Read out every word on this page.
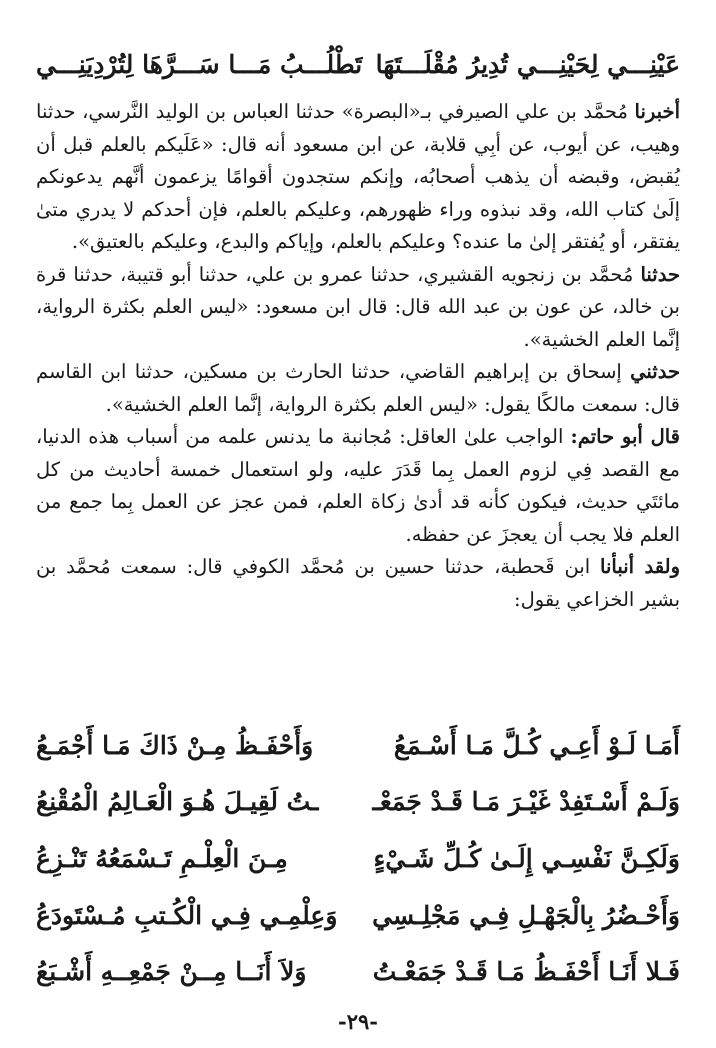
عَيْنِـــي لِحَيْنِـــي تُدِيرُ مُقْلَـــتَهَا
تَطْلُـــبُ مَـــا سَـــرَّهَا لِتُرْدِيَنِـــي

أخبرنا مُحمَّد بن علي الصيرفي بـ«البصرة» حدثنا العباس بن الوليد النَّرسي، حدثنا وهيب، عن أيوب، عن أبِي قلابة، عن ابن مسعود أنه قال: «عَلَيكم بالعلم قبل أن يُقبض، وقبضه أن يذهب أصحابُه، وإنكم ستجدون أقوامًا يزعمون أنَّهم يدعونكم إلَىٰ كتاب الله، وقد نبذوه وراء ظهورهم، وعليكم بالعلم، فإن أحدكم لا يدري متىٰ يفتقر، أو يُفتقر إلىٰ ما عنده؟ وعليكم بالعلم، وإياكم والبدع، وعليكم بالعتيق».

حدثنا مُحمَّد بن زنجويه القشيري، حدثنا عمرو بن علي، حدثنا أبو قتيبة، حدثنا قرة بن خالد، عن عون بن عبد الله قال: قال ابن مسعود: «ليس العلم بكثرة الرواية، إنَّما العلم الخشية».

حدثني إسحاق بن إبراهيم القاضي، حدثنا الحارث بن مسكين، حدثنا ابن القاسم قال: سمعت مالكًا يقول: «ليس العلم بكثرة الرواية، إنَّما العلم الخشية».

قال أبو حاتم: الواجب علىٰ العاقل: مُجانبة ما يدنس علمه من أسباب هذه الدنيا، مع القصد فِي لزوم العمل بِما قَدَرَ عليه، ولو استعمال خمسة أحاديث من كل مائتَي حديث، فيكون كأنه قد أدىٰ زكاة العلم، فمن عجز عن العمل بِما جمع من العلم فلا يجب أن يعجزَ عن حفظه.

ولقد أنبأنا ابن قَحطبة، حدثنا حسين بن مُحمَّد الكوفي قال: سمعت مُحمَّد بن بشير الخزاعي يقول:

أَمَـا لَـوْ أَعِـي كُـلَّ مَـا أَسْـمَعُ
وَأَحْفَـظُ مِـنْ ذَاكَ مَـا أَجْمَـعُ
وَلَـمْ أَسْـتَفِدْ غَيْـرَ مَـا قَـدْ جَمَعْـ
ـتُ لَقِيـلَ هُـوَ الْعَـالِمُ الْمُقْنِعُ
وَلَكِـنَّ نَفْسِـي إِلَـىٰ كُـلِّ شَـيْءٍ
مِـنَ الْعِلْـمِ تَـسْمَعُهُ تَنْـزِعُ
وَأَحْـضُرُ بِالْجَهْـلِ فِـي مَجْلِـسِي
وَعِلْمِـي فِـي الْكُـتبِ مُـسْتَودَعُ
فَـلا أَنَـا أَحْفَـظُ مَـا قَـدْ جَمَعْـتُ
وَلاَ أَنَــا مِــنْ جَمْعِــهِ أَشْـبَعُ
-٢٩-
